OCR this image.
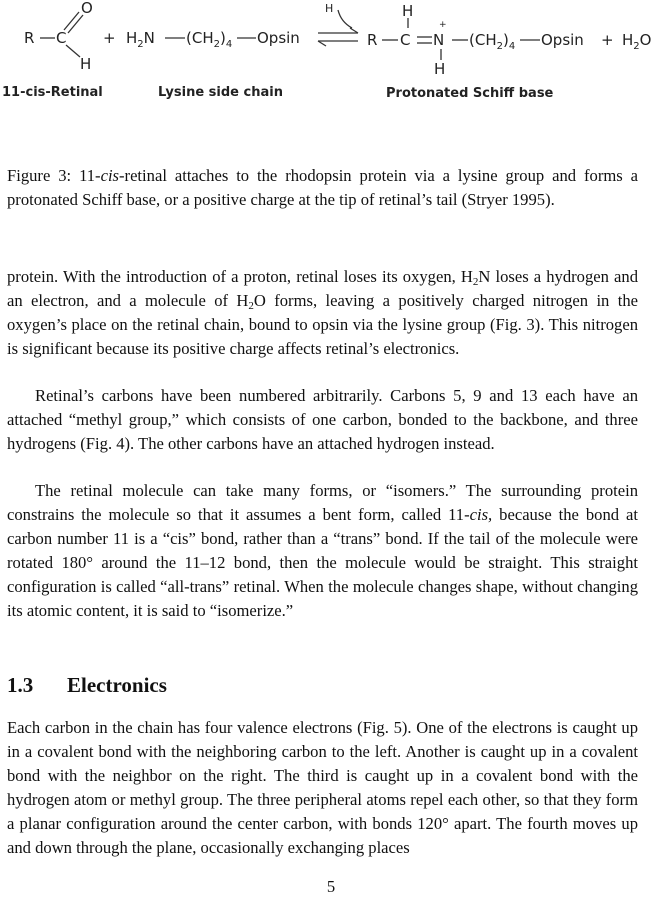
R C
O
H
+ $H_2N$ $(CH_2)_4$ Opsin
H
R C
H
N
+
H
$(CH_2)_4$ $Opsin + H_2O$
11-cis-Retinal	Lysine side chain	Protonated Schiff base

Figure 3: 11-cis-retinal attaches to the rhodopsin protein via a lysine group and forms a protonated Schiff base, or a positive charge at the tip of retinal’s tail (Stryer 1995).

protein. With the introduction of a proton, retinal loses its oxygen, $H_2N$ loses a hydrogen and an electron, and a molecule of $H_2O$ forms, leaving a positively charged nitrogen in the oxygen’s place on the retinal chain, bound to opsin via the lysine group (Fig. 3). This nitrogen is significant because its positive charge affects retinal’s electronics.

Retinal’s carbons have been numbered arbitrarily. Carbons 5, 9 and 13 each have an attached “methyl group,” which consists of one carbon, bonded to the backbone, and three hydrogens (Fig. 4). The other carbons have an attached hydrogen instead.

The retinal molecule can take many forms, or “isomers.” The surrounding protein constrains the molecule so that it assumes a bent form, called 11-cis, because the bond at carbon number 11 is a “cis” bond, rather than a “trans” bond. If the tail of the molecule were rotated 180° around the 11–12 bond, then the molecule would be straight. This straight configuration is called “all-trans” retinal. When the molecule changes shape, without changing its atomic content, it is said to “isomerize.”

1.3 Electronics

Each carbon in the chain has four valence electrons (Fig. 5). One of the electrons is caught up in a covalent bond with the neighboring carbon to the left. Another is caught up in a covalent bond with the neighbor on the right. The third is caught up in a covalent bond with the hydrogen atom or methyl group. The three peripheral atoms repel each other, so that they form a planar configuration around the center carbon, with bonds 120° apart. The fourth moves up and down through the plane, occasionally exchanging places

5
